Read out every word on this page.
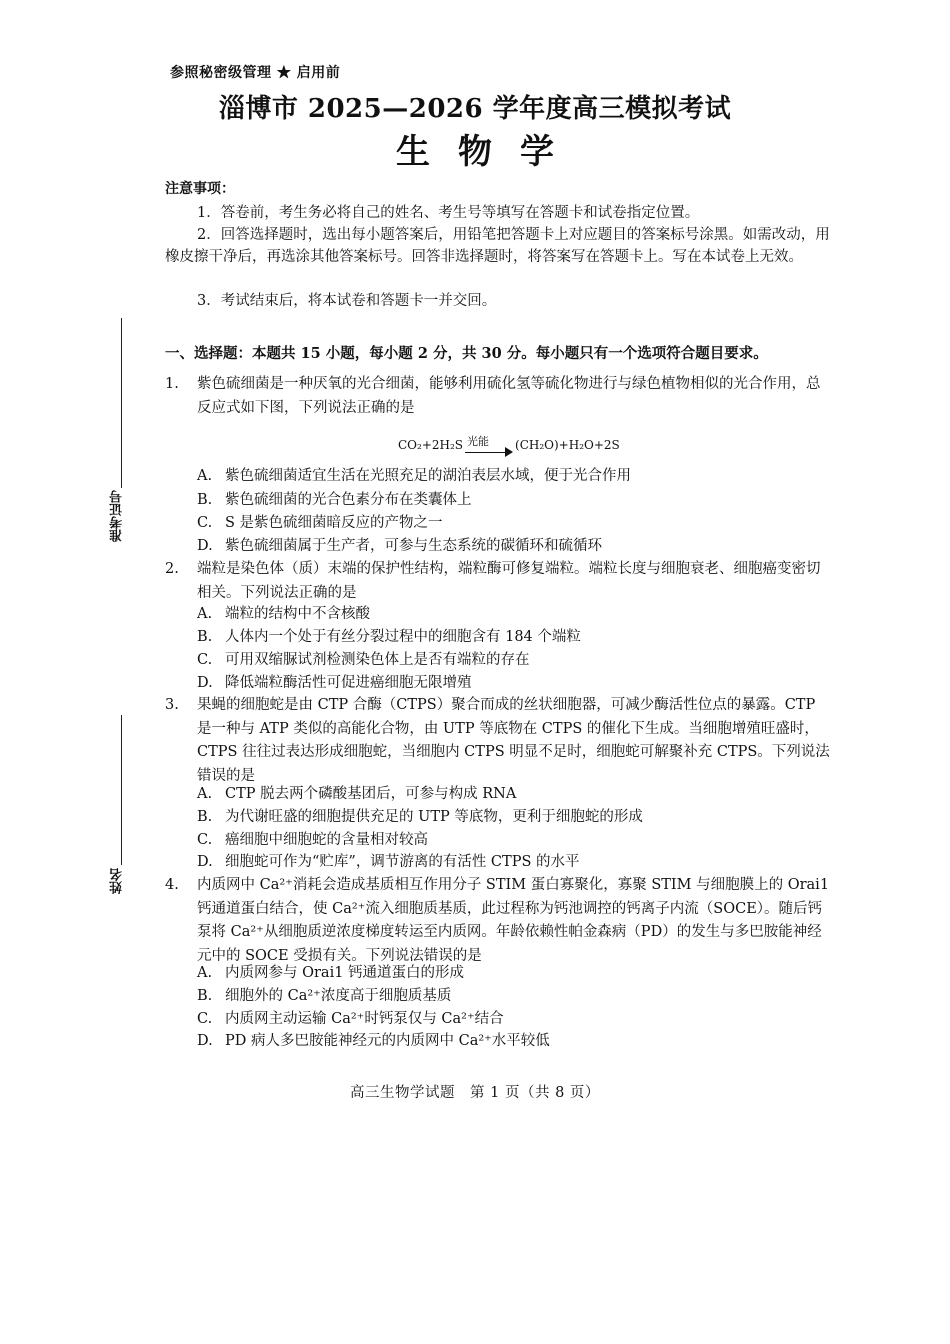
参照秘密级管理 ★ 启用前
淄博市 2025—2026 学年度高三模拟考试
生物学
注意事项：
1．答卷前，考生务必将自己的姓名、考生号等填写在答题卡和试卷指定位置。
2．回答选择题时，选出每小题答案后，用铅笔把答题卡上对应题目的答案标号涂黑。如需改动，用橡皮擦干净后，再选涂其他答案标号。回答非选择题时，将答案写在答题卡上。写在本试卷上无效。
3．考试结束后，将本试卷和答题卡一并交回。
一、选择题：本题共 15 小题，每小题 2 分，共 30 分。每小题只有一个选项符合题目要求。
1. 紫色硫细菌是一种厌氧的光合细菌，能够利用硫化氢等硫化物进行与绿色植物相似的光合作用，总反应式如下图，下列说法正确的是
CO₂+2H₂S 光能 (CH₂O)+H₂O+2S
A. 紫色硫细菌适宜生活在光照充足的湖泊表层水域，便于光合作用
B. 紫色硫细菌的光合色素分布在类囊体上
C. S 是紫色硫细菌暗反应的产物之一
D. 紫色硫细菌属于生产者，可参与生态系统的碳循环和硫循环
2. 端粒是染色体（质）末端的保护性结构，端粒酶可修复端粒。端粒长度与细胞衰老、细胞癌变密切相关。下列说法正确的是
A. 端粒的结构中不含核酸
B. 人体内一个处于有丝分裂过程中的细胞含有 184 个端粒
C. 可用双缩脲试剂检测染色体上是否有端粒的存在
D. 降低端粒酶活性可促进癌细胞无限增殖
3. 果蝇的细胞蛇是由 CTP 合酶（CTPS）聚合而成的丝状细胞器，可减少酶活性位点的暴露。CTP 是一种与 ATP 类似的高能化合物，由 UTP 等底物在 CTPS 的催化下生成。当细胞增殖旺盛时，CTPS 往往过表达形成细胞蛇，当细胞内 CTPS 明显不足时，细胞蛇可解聚补充 CTPS。下列说法错误的是
A. CTP 脱去两个磷酸基团后，可参与构成 RNA
B. 为代谢旺盛的细胞提供充足的 UTP 等底物，更利于细胞蛇的形成
C. 癌细胞中细胞蛇的含量相对较高
D. 细胞蛇可作为“贮库”，调节游离的有活性 CTPS 的水平
4. 内质网中 Ca²⁺消耗会造成基质相互作用分子 STIM 蛋白寡聚化，寡聚 STIM 与细胞膜上的 Orai1 钙通道蛋白结合，使 Ca²⁺流入细胞质基质，此过程称为钙池调控的钙离子内流（SOCE）。随后钙泵将 Ca²⁺从细胞质逆浓度梯度转运至内质网。年龄依赖性帕金森病（PD）的发生与多巴胺能神经元中的 SOCE 受损有关。下列说法错误的是
A. 内质网参与 Orai1 钙通道蛋白的形成
B. 细胞外的 Ca²⁺浓度高于细胞质基质
C. 内质网主动运输 Ca²⁺时钙泵仅与 Ca²⁺结合
D. PD 病人多巴胺能神经元的内质网中 Ca²⁺水平较低
准考证号
姓名
高三生物学试题　第 1 页（共 8 页）
